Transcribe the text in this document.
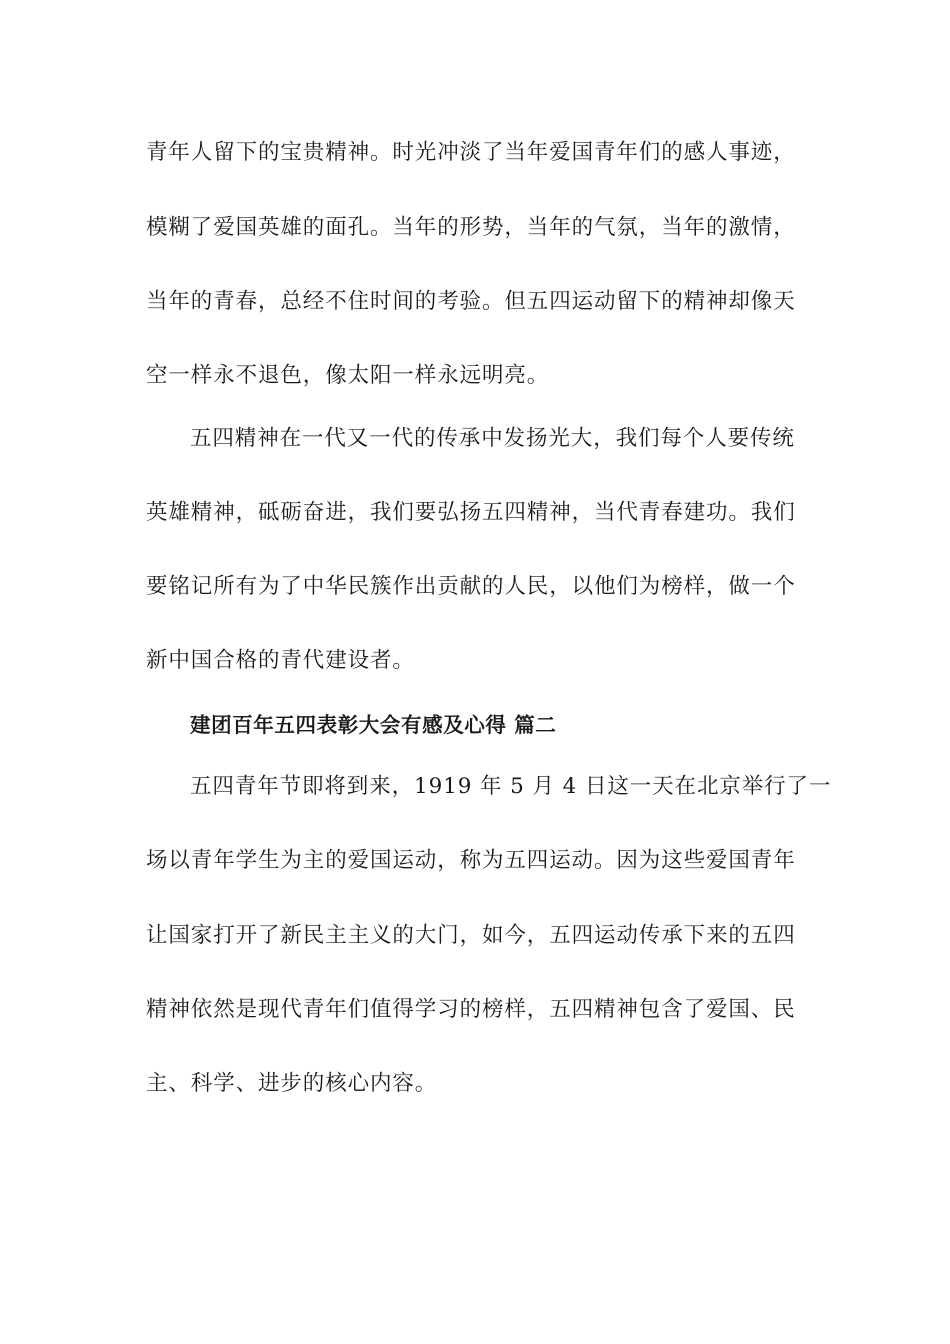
青年人留下的宝贵精神。时光冲淡了当年爱国青年们的感人事迹，
模糊了爱国英雄的面孔。当年的形势，当年的气氛，当年的激情，
当年的青春，总经不住时间的考验。但五四运动留下的精神却像天
空一样永不退色，像太阳一样永远明亮。
五四精神在一代又一代的传承中发扬光大，我们每个人要传统
英雄精神，砥砺奋进，我们要弘扬五四精神，当代青春建功。我们
要铭记所有为了中华民簇作出贡献的人民，以他们为榜样，做一个
新中国合格的青代建设者。
建团百年五四表彰大会有感及心得 篇二
五四青年节即将到来，1919 年 5 月 4 日这一天在北京举行了一
场以青年学生为主的爱国运动，称为五四运动。因为这些爱国青年
让国家打开了新民主主义的大门，如今，五四运动传承下来的五四
精神依然是现代青年们值得学习的榜样，五四精神包含了爱国、民
主、科学、进步的核心内容。
